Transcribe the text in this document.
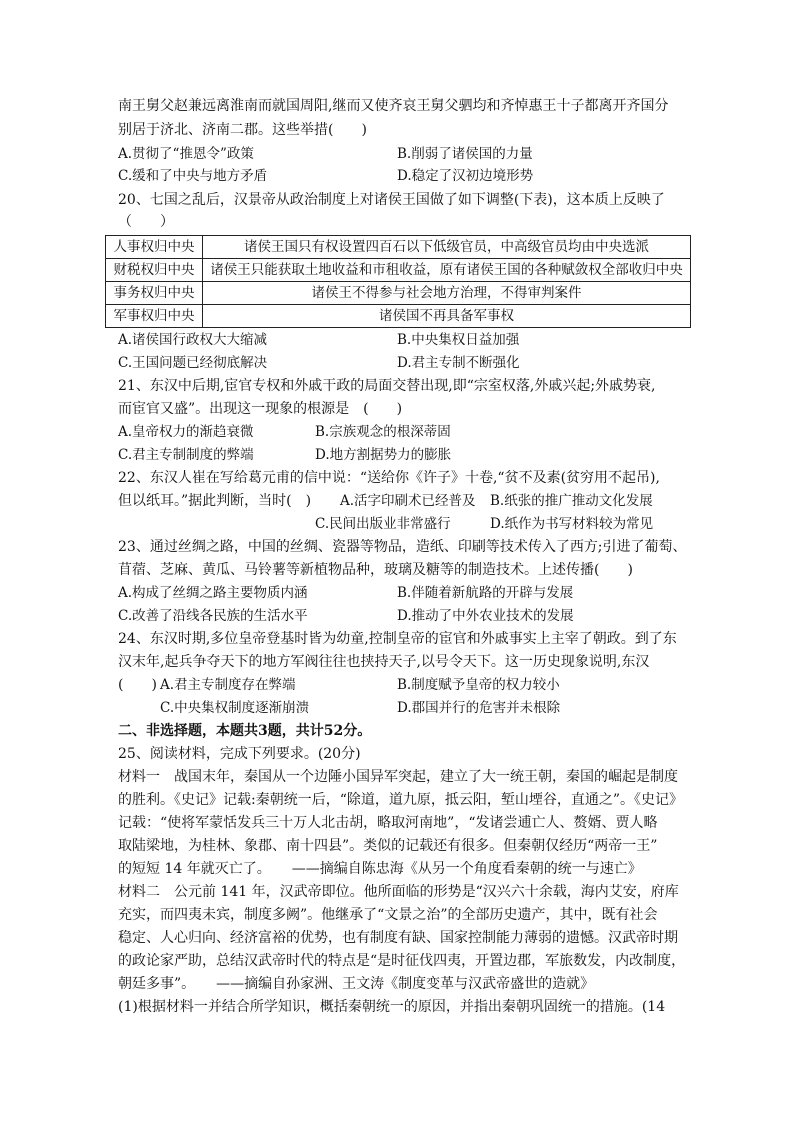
南王舅父赵兼远离淮南而就国周阳,继而又使齐哀王舅父驷均和齐悼惠王十子都离开齐国分
别居于济北、济南二郡。这些举措(　　)
A.贯彻了“推恩令”政策	B.削弱了诸侯国的力量
C.缓和了中央与地方矛盾	D.稳定了汉初边境形势
20、七国之乱后，汉景帝从政治制度上对诸侯王国做了如下调整(下表)，这本质上反映了
（　　）
人事权归中央	诸侯王国只有权设置四百石以下低级官员，中高级官员均由中央选派
财税权归中央	诸侯王只能获取土地收益和市租收益，原有诸侯王国的各种赋敛权全部收归中央
事务权归中央	诸侯王不得参与社会地方治理，不得审判案件
军事权归中央	诸侯国不再具备军事权
A.诸侯国行政权大大缩减	B.中央集权日益加强
C.王国问题已经彻底解决	D.君主专制不断强化
21、东汉中后期,宦官专权和外戚干政的局面交替出现,即“宗室权落,外戚兴起;外戚势衰,
而宦官又盛”。出现这一现象的根源是　(　　)
A.皇帝权力的渐趋衰微	B.宗族观念的根深蒂固
C.君主专制制度的弊端	D.地方割据势力的膨胀
22、东汉人崔在写给葛元甫的信中说：“送给你《许子》十卷,“贫不及素(贫穷用不起吊),
但以纸耳。”据此判断，当时(　) A.活字印刷术已经普及 B.纸张的推广推动文化发展
C.民间出版业非常盛行	D.纸作为书写材料较为常见
23、通过丝绸之路，中国的丝绸、瓷器等物品，造纸、印刷等技术传入了西方;引进了葡萄、
苜蓿、芝麻、黄瓜、马铃薯等新植物品种，玻璃及糖等的制造技术。上述传播(　　)
A.构成了丝绸之路主要物质内涵	B.伴随着新航路的开辟与发展
C.改善了沿线各民族的生活水平	D.推动了中外农业技术的发展
24、东汉时期,多位皇帝登基时皆为幼童,控制皇帝的宦官和外戚事实上主宰了朝政。到了东
汉末年,起兵争夺天下的地方军阀往往也挟持天子,以号令天下。这一历史现象说明,东汉
(　　) A.君主专制度存在弊端	B.制度赋予皇帝的权力较小
C.中央集权制度逐渐崩溃	D.郡国并行的危害并未根除
二、非选择题，本题共3题，共计52分。
25、阅读材料，完成下列要求。(20分)
材料一　战国末年，秦国从一个边陲小国异军突起，建立了大一统王朝，秦国的崛起是制度
的胜利。《史记》记载:秦朝统一后，“除道，道九原，抵云阳，堑山堙谷，直通之”。《史记》
记载：“使将军蒙恬发兵三十万人北击胡，略取河南地”，“发诸尝逋亡人、赘婿、贾人略
取陆梁地，为桂林、象郡、南十四县”。类似的记载还有很多。但秦朝仅经历“两帝一王”
的短短 14 年就灭亡了。　　——摘编自陈忠海《从另一个角度看秦朝的统一与速亡》
材料二　公元前 141 年，汉武帝即位。他所面临的形势是“汉兴六十余载，海内艾安，府库
充实，而四夷未宾，制度多阙”。他继承了“文景之治”的全部历史遗产，其中，既有社会
稳定、人心归向、经济富裕的优势，也有制度有缺、国家控制能力薄弱的遗憾。汉武帝时期
的政论家严助，总结汉武帝时代的特点是“是时征伐四夷，开置边郡，军旅数发，内改制度，
朝廷多事”。　　——摘编自孙家洲、王文涛《制度变革与汉武帝盛世的造就》
(1)根据材料一并结合所学知识，概括秦朝统一的原因，并指出秦朝巩固统一的措施。(14
